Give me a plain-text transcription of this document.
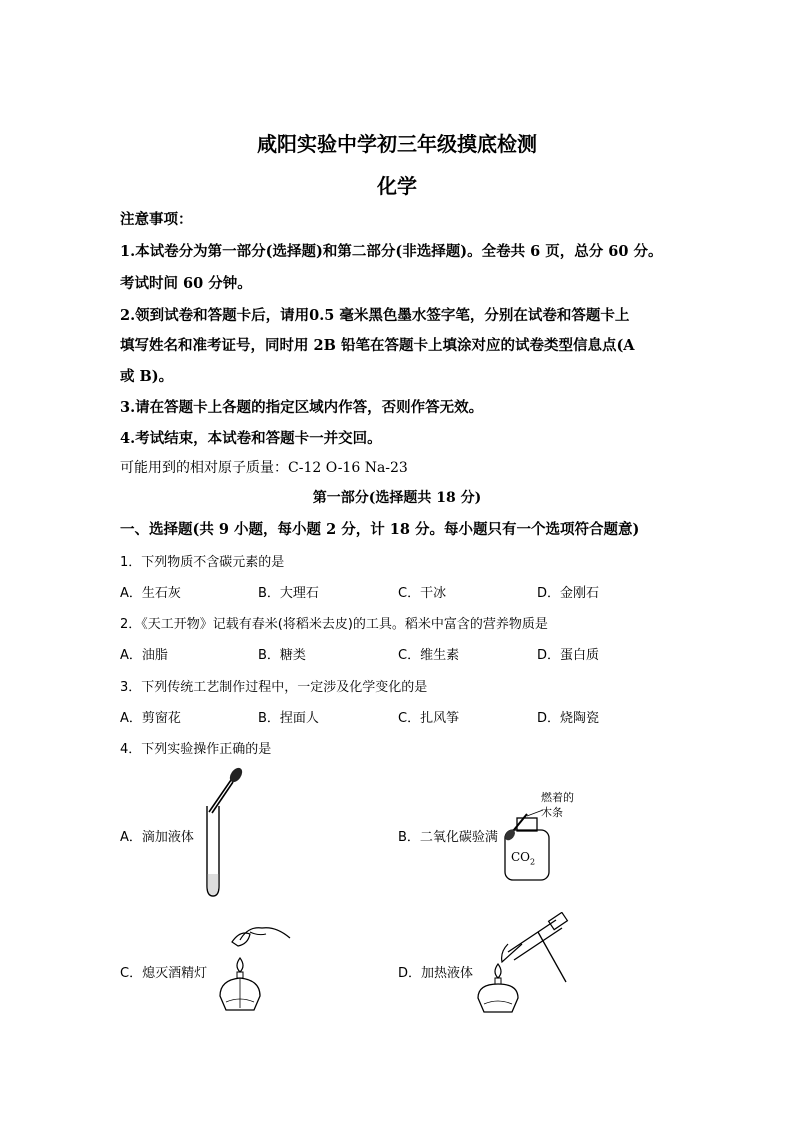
咸阳实验中学初三年级摸底检测
化学
注意事项：
1.本试卷分为第一部分(选择题)和第二部分(非选择题)。全卷共 6 页，总分 60 分。
考试时间 60 分钟。
2.领到试卷和答题卡后，请用0.5 毫米黑色墨水签字笔，分别在试卷和答题卡上
填写姓名和准考证号，同时用 2B 铅笔在答题卡上填涂对应的试卷类型信息点(A
或 B)。
3.请在答题卡上各题的指定区域内作答，否则作答无效。
4.考试结束，本试卷和答题卡一并交回。
可能用到的相对原子质量：C-12 O-16 Na-23
第一部分(选择题共 18 分)
一、选择题(共 9 小题，每小题 2 分，计 18 分。每小题只有一个选项符合题意)
1．下列物质不含碳元素的是
A．生石灰	B．大理石	C．干冰	D．金刚石
2．《天工开物》记载有春米(将稻米去皮)的工具。稻米中富含的营养物质是
A．油脂	B．糖类	C．维生素	D．蛋白质
3．下列传统工艺制作过程中，一定涉及化学变化的是
A．剪窗花	B．捏面人	C．扎风筝	D．烧陶瓷
4．下列实验操作正确的是
A．滴加液体	B．二氧化碳验满
C．熄灭酒精灯	D．加热液体
燃着的
木条
$CO_2$
